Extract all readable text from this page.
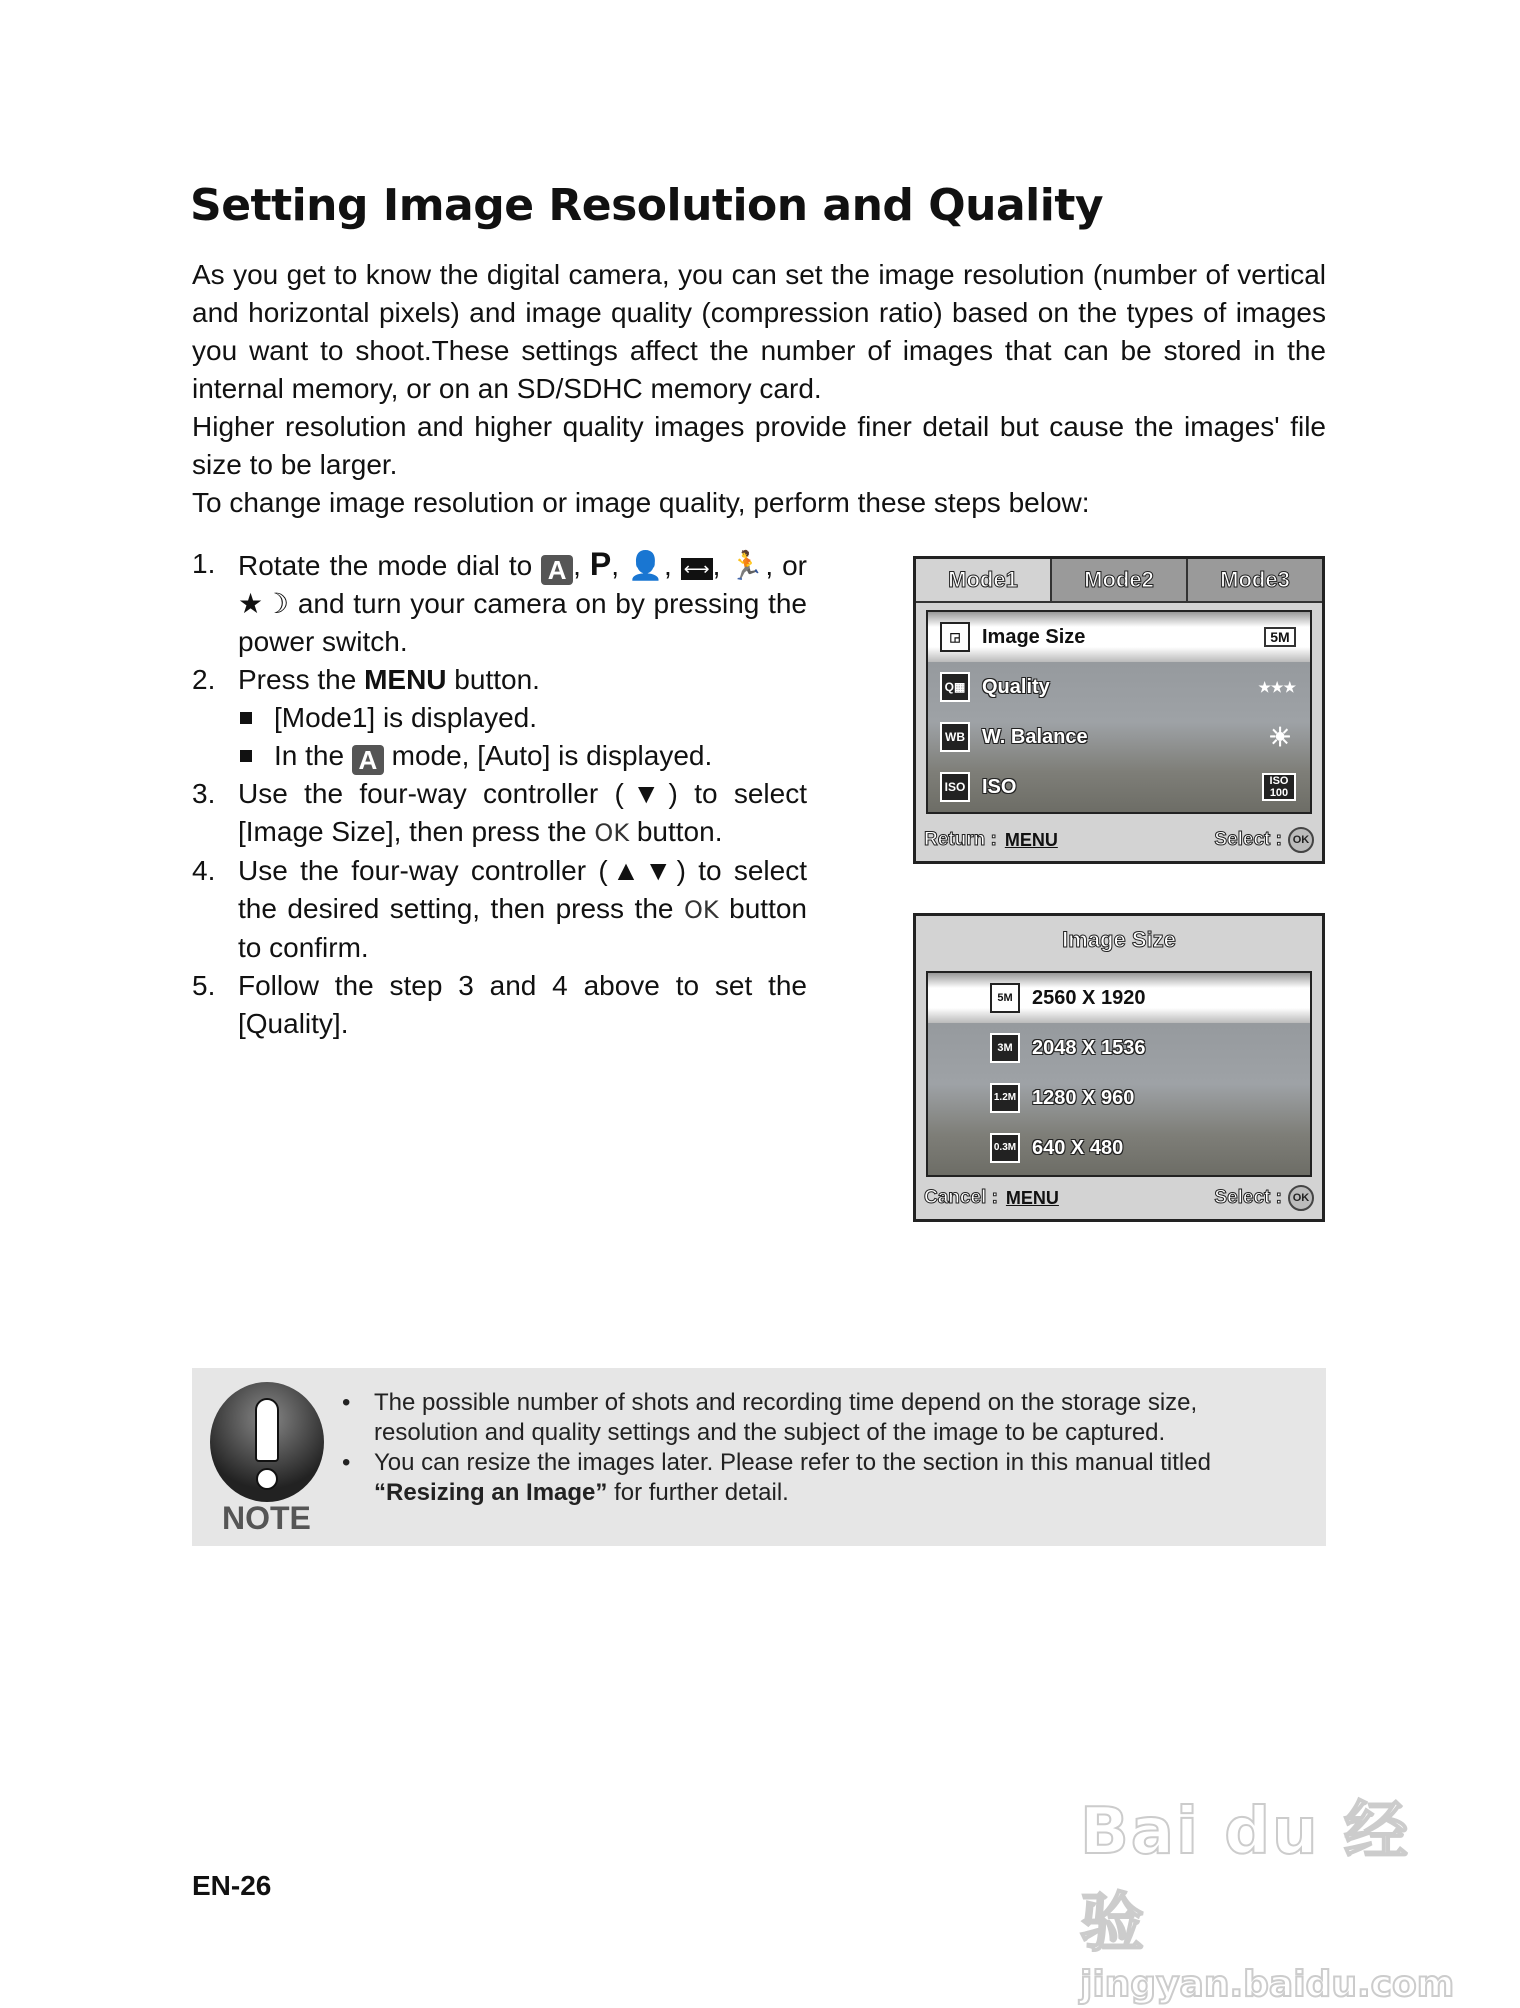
Setting Image Resolution and Quality

As you get to know the digital camera, you can set the image resolution (number of vertical and horizontal pixels) and image quality (compression ratio) based on the types of images you want to shoot.These settings affect the number of images that can be stored in the internal memory, or on an SD/SDHC memory card.

Higher resolution and higher quality images provide finer detail but cause the images' file size to be larger.

To change image resolution or image quality, perform these steps below:

1. Rotate the mode dial to A , P, 👤, ⟷ , 🏃, or ★☽ and turn your camera on by pressing the power switch.
2. Press the MENU button.
[Mode1] is displayed.
In the A mode, [Auto] is displayed.
3. Use the four-way controller (▼) to select [Image Size], then press the OK button.
4. Use the four-way controller (▲▼) to select the desired setting, then press the OK button to confirm.
5. Follow the step 3 and 4 above to set the [Quality].
Mode1	Mode2	Mode3
◲	Image Size	5M
Q▦ Quality	★★★
WB W. Balance	☀
ISO ISO	ISO 100
Return : MENU	Select : OK
Image Size
5M 2560 X 1920
3M 2048 X 1536
1.2M 1280 X 960
0.3M 640 X 480
Cancel : MENU	Select : OK
NOTE
• The possible number of shots and recording time depend on the storage size, resolution and quality settings and the subject of the image to be captured.
• You can resize the images later. Please refer to the section in this manual titled “Resizing an Image” for further detail.
EN-26
Bai du 经验
jingyan.baidu.com
